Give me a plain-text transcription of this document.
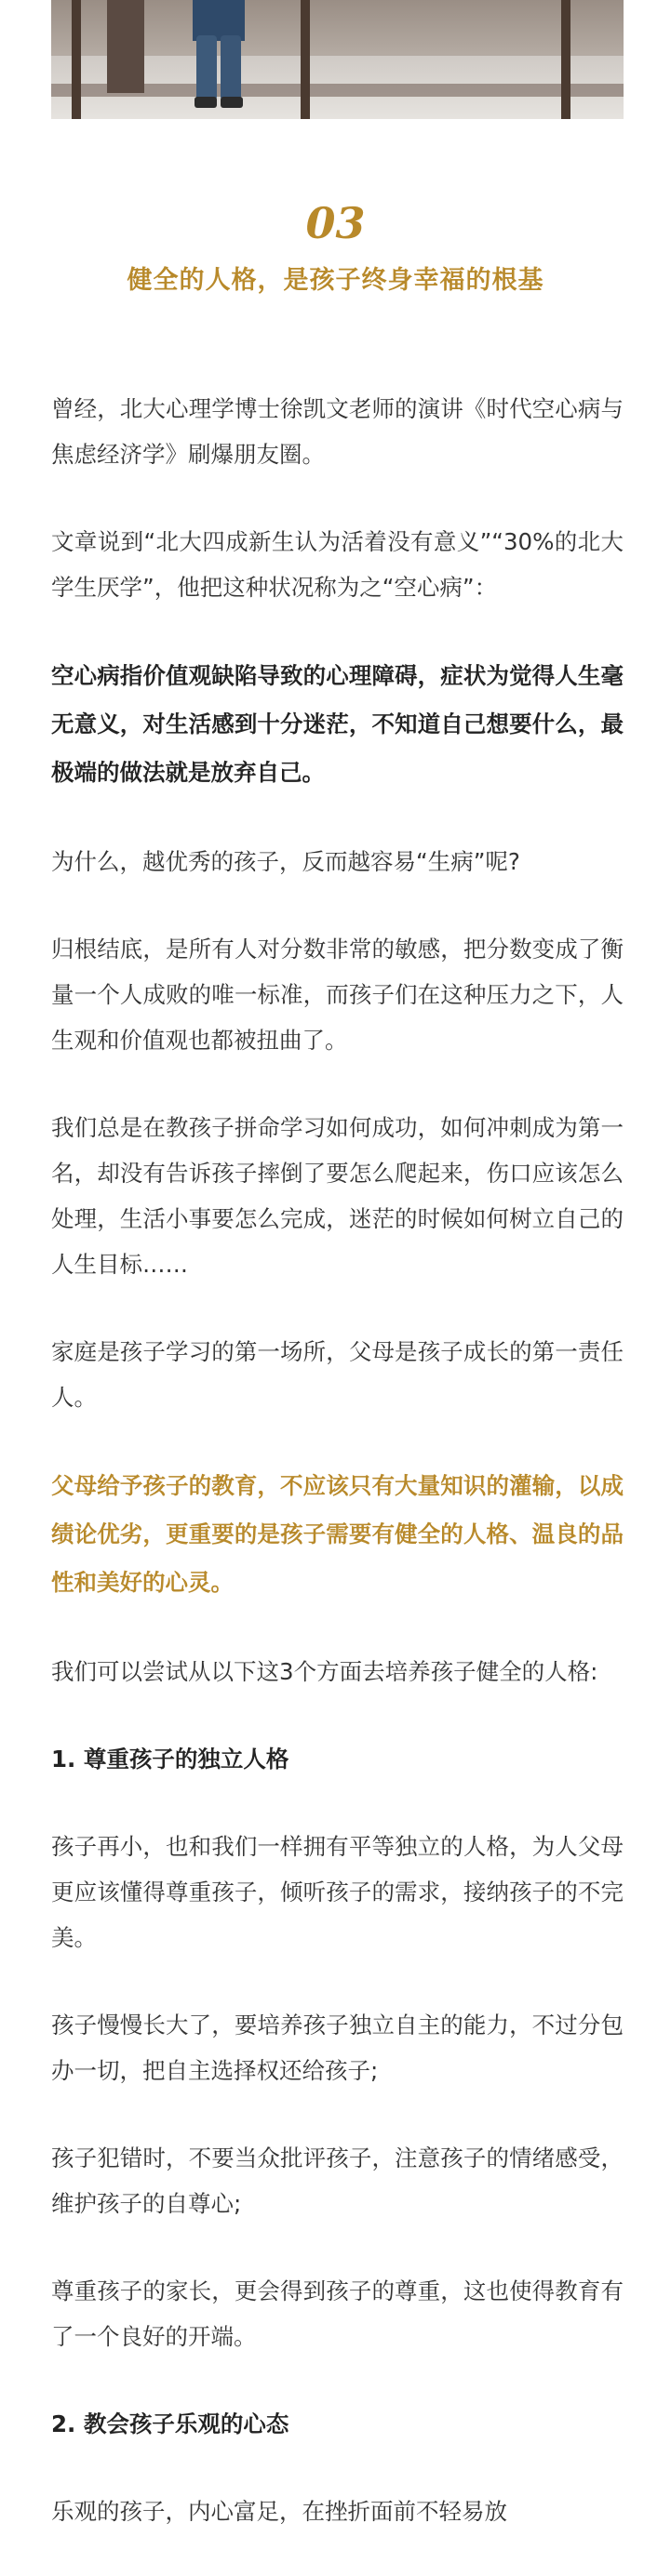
03
健全的人格，是孩子终身幸福的根基

曾经，北大心理学博士徐凯文老师的演讲《时代空心病与焦虑经济学》刷爆朋友圈。

文章说到“北大四成新生认为活着没有意义”“30%的北大学生厌学”，他把这种状况称为之“空心病”：

空心病指价值观缺陷导致的心理障碍，症状为觉得人生毫无意义，对生活感到十分迷茫，不知道自己想要什么，最极端的做法就是放弃自己。

为什么，越优秀的孩子，反而越容易“生病”呢?

归根结底，是所有人对分数非常的敏感，把分数变成了衡量一个人成败的唯一标准，而孩子们在这种压力之下，人生观和价值观也都被扭曲了。

我们总是在教孩子拼命学习如何成功，如何冲刺成为第一名，却没有告诉孩子摔倒了要怎么爬起来，伤口应该怎么处理，生活小事要怎么完成，迷茫的时候如何树立自己的人生目标……

家庭是孩子学习的第一场所，父母是孩子成长的第一责任人。

父母给予孩子的教育，不应该只有大量知识的灌输，以成绩论优劣，更重要的是孩子需要有健全的人格、温良的品性和美好的心灵。

我们可以尝试从以下这3个方面去培养孩子健全的人格:

1. 尊重孩子的独立人格

孩子再小，也和我们一样拥有平等独立的人格，为人父母更应该懂得尊重孩子，倾听孩子的需求，接纳孩子的不完美。

孩子慢慢长大了，要培养孩子独立自主的能力，不过分包办一切，把自主选择权还给孩子;

孩子犯错时，不要当众批评孩子，注意孩子的情绪感受，维护孩子的自尊心;

尊重孩子的家长，更会得到孩子的尊重，这也使得教育有了一个良好的开端。

2. 教会孩子乐观的心态

乐观的孩子，内心富足，在挫折面前不轻易放
